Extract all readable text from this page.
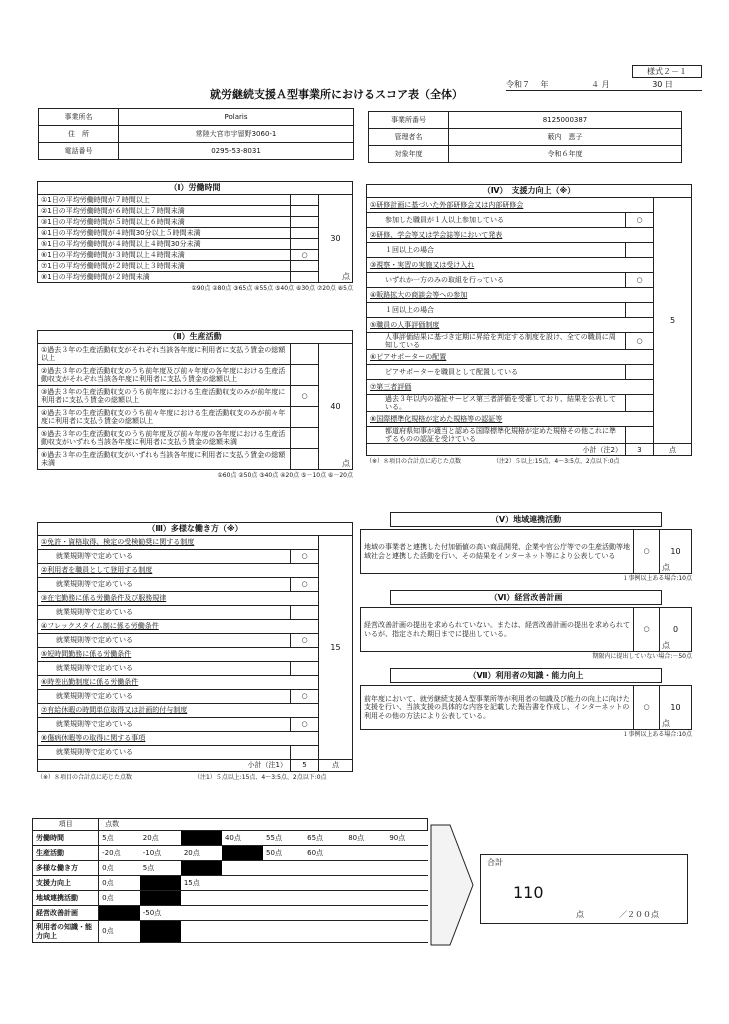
様式２－１
令和７ 年	４ 月	30 日
就労継続支援Ａ型事業所におけるスコア表（全体）
事業所名	Polaris
住　所	常陸大宮市宇留野3060-1
電話番号	0295-53-8031
事業所番号	8125000387
管理者名	薮内　恵子
対象年度	令和６年度
（Ⅰ）労働時間		
①1日の平均労働時間が７時間以上		30
点

②1日の平均労働時間が６時間以上７時間未満		
③1日の平均労働時間が５時間以上６時間未満		
④1日の平均労働時間が４時間30分以上５時間未満		
⑤1日の平均労働時間が４時間以上４時間30分未満		
⑥1日の平均労働時間が３時間以上４時間未満	○	
⑦1日の平均労働時間が２時間以上３時間未満		
⑧1日の平均労働時間が２時間未満		
①90点 ②80点 ③65点 ④55点 ⑤40点 ⑥30点 ⑦20点 ⑧5点
（Ⅱ）生産活動		
①過去３年の生産活動収支がそれぞれ当該各年度に利用者に支払う賃金の総額以上		40
点

②過去３年の生産活動収支のうち前年度及び前々年度の各年度における生産活動収支がそれぞれ当該各年度に利用者に支払う賃金の総額以上		
③過去３年の生産活動収支のうち前年度における生産活動収支のみが前年度に利用者に支払う賃金の総額以上	○	
④過去３年の生産活動収支のうち前々年度における生産活動収支のみが前々年度に利用者に支払う賃金の総額以上		
⑤過去３年の生産活動収支のうち前年度及び前々年度の各年度における生産活動収支がいずれも当該各年度に利用者に支払う賃金の総額未満		
⑥過去３年の生産活動収支がいずれも当該各年度に利用者に支払う賃金の総額未満		
①60点 ②50点 ③40点 ④20点 ⑤－10点 ⑥－20点
（Ⅲ）多様な働き方（※）		
①免許・資格取得、検定の受検勧奨に関する制度		15
就業規則等で定めている	○	
②利用者を職員として登用する制度		
就業規則等で定めている	○	
③在宅勤務に係る労働条件及び服務規律		
就業規則等で定めている		
④フレックスタイム制に係る労働条件		
就業規則等で定めている	○	
⑤短時間勤務に係る労働条件		
就業規則等で定めている		
⑥時差出勤制度に係る労働条件		
就業規則等で定めている	○	
⑦有給休暇の時間単位取得又は計画的付与制度		
就業規則等で定めている	○	
⑧傷病休暇等の取得に関する事項		
就業規則等で定めている		
小計（注1）	5	点
（※）８項目の合計点に応じた点数	（注1）５点以上:15点、4～3:5点、2点以下:0点
（Ⅳ）　支援力向上（※）		
①研修計画に基づいた外部研修会又は内部研修会		5
参加した職員が１人以上参加している	○	
②研修、学会等又は学会誌等において発表		
１回以上の場合		
③視察・実習の実施又は受け入れ		
いずれか一方のみの取組を行っている	○	
④販路拡大の商談会等への参加		
１回以上の場合		
⑤職員の人事評価制度		
人事評価結果に基づき定期に昇給を判定する制度を設け、全ての職員に周知している	○	
⑥ピアサポーターの配置		
ピアサポーターを職員として配置している		
⑦第三者評価		
過去３年以内の福祉サービス第三者評価を受審しており、結果を公表している。		
⑧国際標準化規格が定めた規格等の認証等		
都道府県知事が適当と認める国際標準化規格が定めた規格その他これに準ずるものの認証を受けている		
小計（注2）	3	点
（※）８項目の合計点に応じた点数	（注2）５以上:15点、4～3:5点、2点以下:0点
（Ⅴ）地域連携活動
地域の事業者と連携した付加価値の高い商品開発、企業や官公庁等での生産活動等地域社会と連携した活動を行い、その結果をインターネット等により公表している	○	10
点
１事例以上ある場合:10点
（Ⅵ）経営改善計画
経営改善計画の提出を求められていない。または、経営改善計画の提出を求められているが、指定された期日までに提出している。	○	0
点
期限内に提出していない場合:－50点
（Ⅶ）利用者の知識・能力向上
前年度において、就労継続支援Ａ型事業所等が利用者の知識及び能力の向上に向けた支援を行い、当該支援の具体的な内容を記載した報告書を作成し、インターネットの利用その他の方法により公表している。	○	10
点
１事例以上ある場合:10点
項目	点数							
労働時間	5点	20点	■	40点	55点	65点	80点	90点
生産活動	-20点	-10点	20点	■	50点	60点		
多様な働き方	0点	5点	■					
支援力向上	0点	■	15点					
地域連携活動	0点	■						
経営改善計画	■	-50点						
利用者の知識・能力向上	0点	■						
合計
110
点	／２００点
